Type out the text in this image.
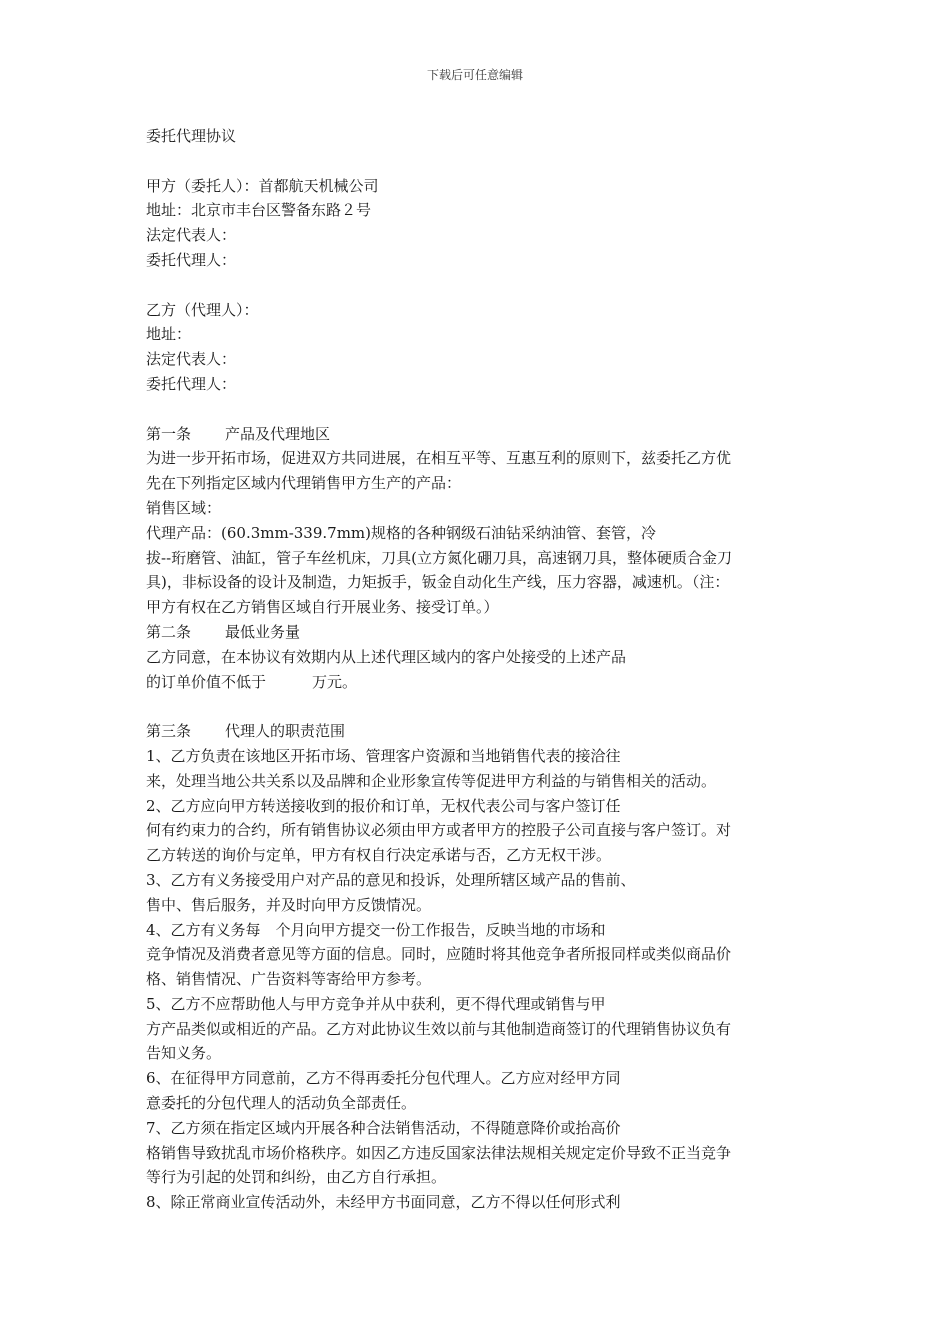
下载后可任意编辑
委托代理协议
甲方（委托人）：首都航天机械公司
地址：北京市丰台区警备东路２号
法定代表人：
委托代理人：
乙方（代理人）：
地址：
法定代表人：
委托代理人：
第一条 产品及代理地区
为进一步开拓市场，促进双方共同进展，在相互平等、互惠互利的原则下，兹委托乙方优
先在下列指定区域内代理销售甲方生产的产品：
销售区域：
代理产品：(60.3mm-339.7mm)规格的各种钢级石油钻采纳油管、套管，冷
拔--珩磨管、油缸，管子车丝机床，刀具(立方氮化硼刀具，高速钢刀具，整体硬质合金刀
具)，非标设备的设计及制造，力矩扳手，钣金自动化生产线，压力容器，减速机。（注：
甲方有权在乙方销售区域自行开展业务、接受订单。）
第二条 最低业务量
乙方同意，在本协议有效期内从上述代理区域内的客户处接受的上述产品
的订单价值不低于	万元。
第三条 代理人的职责范围
1、乙方负责在该地区开拓市场、管理客户资源和当地销售代表的接洽往
来，处理当地公共关系以及品牌和企业形象宣传等促进甲方利益的与销售相关的活动。
2、乙方应向甲方转送接收到的报价和订单，无权代表公司与客户签订任
何有约束力的合约，所有销售协议必须由甲方或者甲方的控股子公司直接与客户签订。对
乙方转送的询价与定单，甲方有权自行决定承诺与否，乙方无权干涉。
3、乙方有义务接受用户对产品的意见和投诉，处理所辖区域产品的售前、
售中、售后服务，并及时向甲方反馈情况。
4、乙方有义务每　个月向甲方提交一份工作报告，反映当地的市场和
竞争情况及消费者意见等方面的信息。同时，应随时将其他竞争者所报同样或类似商品价
格、销售情况、广告资料等寄给甲方参考。
5、乙方不应帮助他人与甲方竞争并从中获利，更不得代理或销售与甲
方产品类似或相近的产品。乙方对此协议生效以前与其他制造商签订的代理销售协议负有
告知义务。
6、在征得甲方同意前，乙方不得再委托分包代理人。乙方应对经甲方同
意委托的分包代理人的活动负全部责任。
7、乙方须在指定区域内开展各种合法销售活动，不得随意降价或抬高价
格销售导致扰乱市场价格秩序。如因乙方违反国家法律法规相关规定定价导致不正当竞争
等行为引起的处罚和纠纷，由乙方自行承担。
8、除正常商业宣传活动外，未经甲方书面同意，乙方不得以任何形式利
